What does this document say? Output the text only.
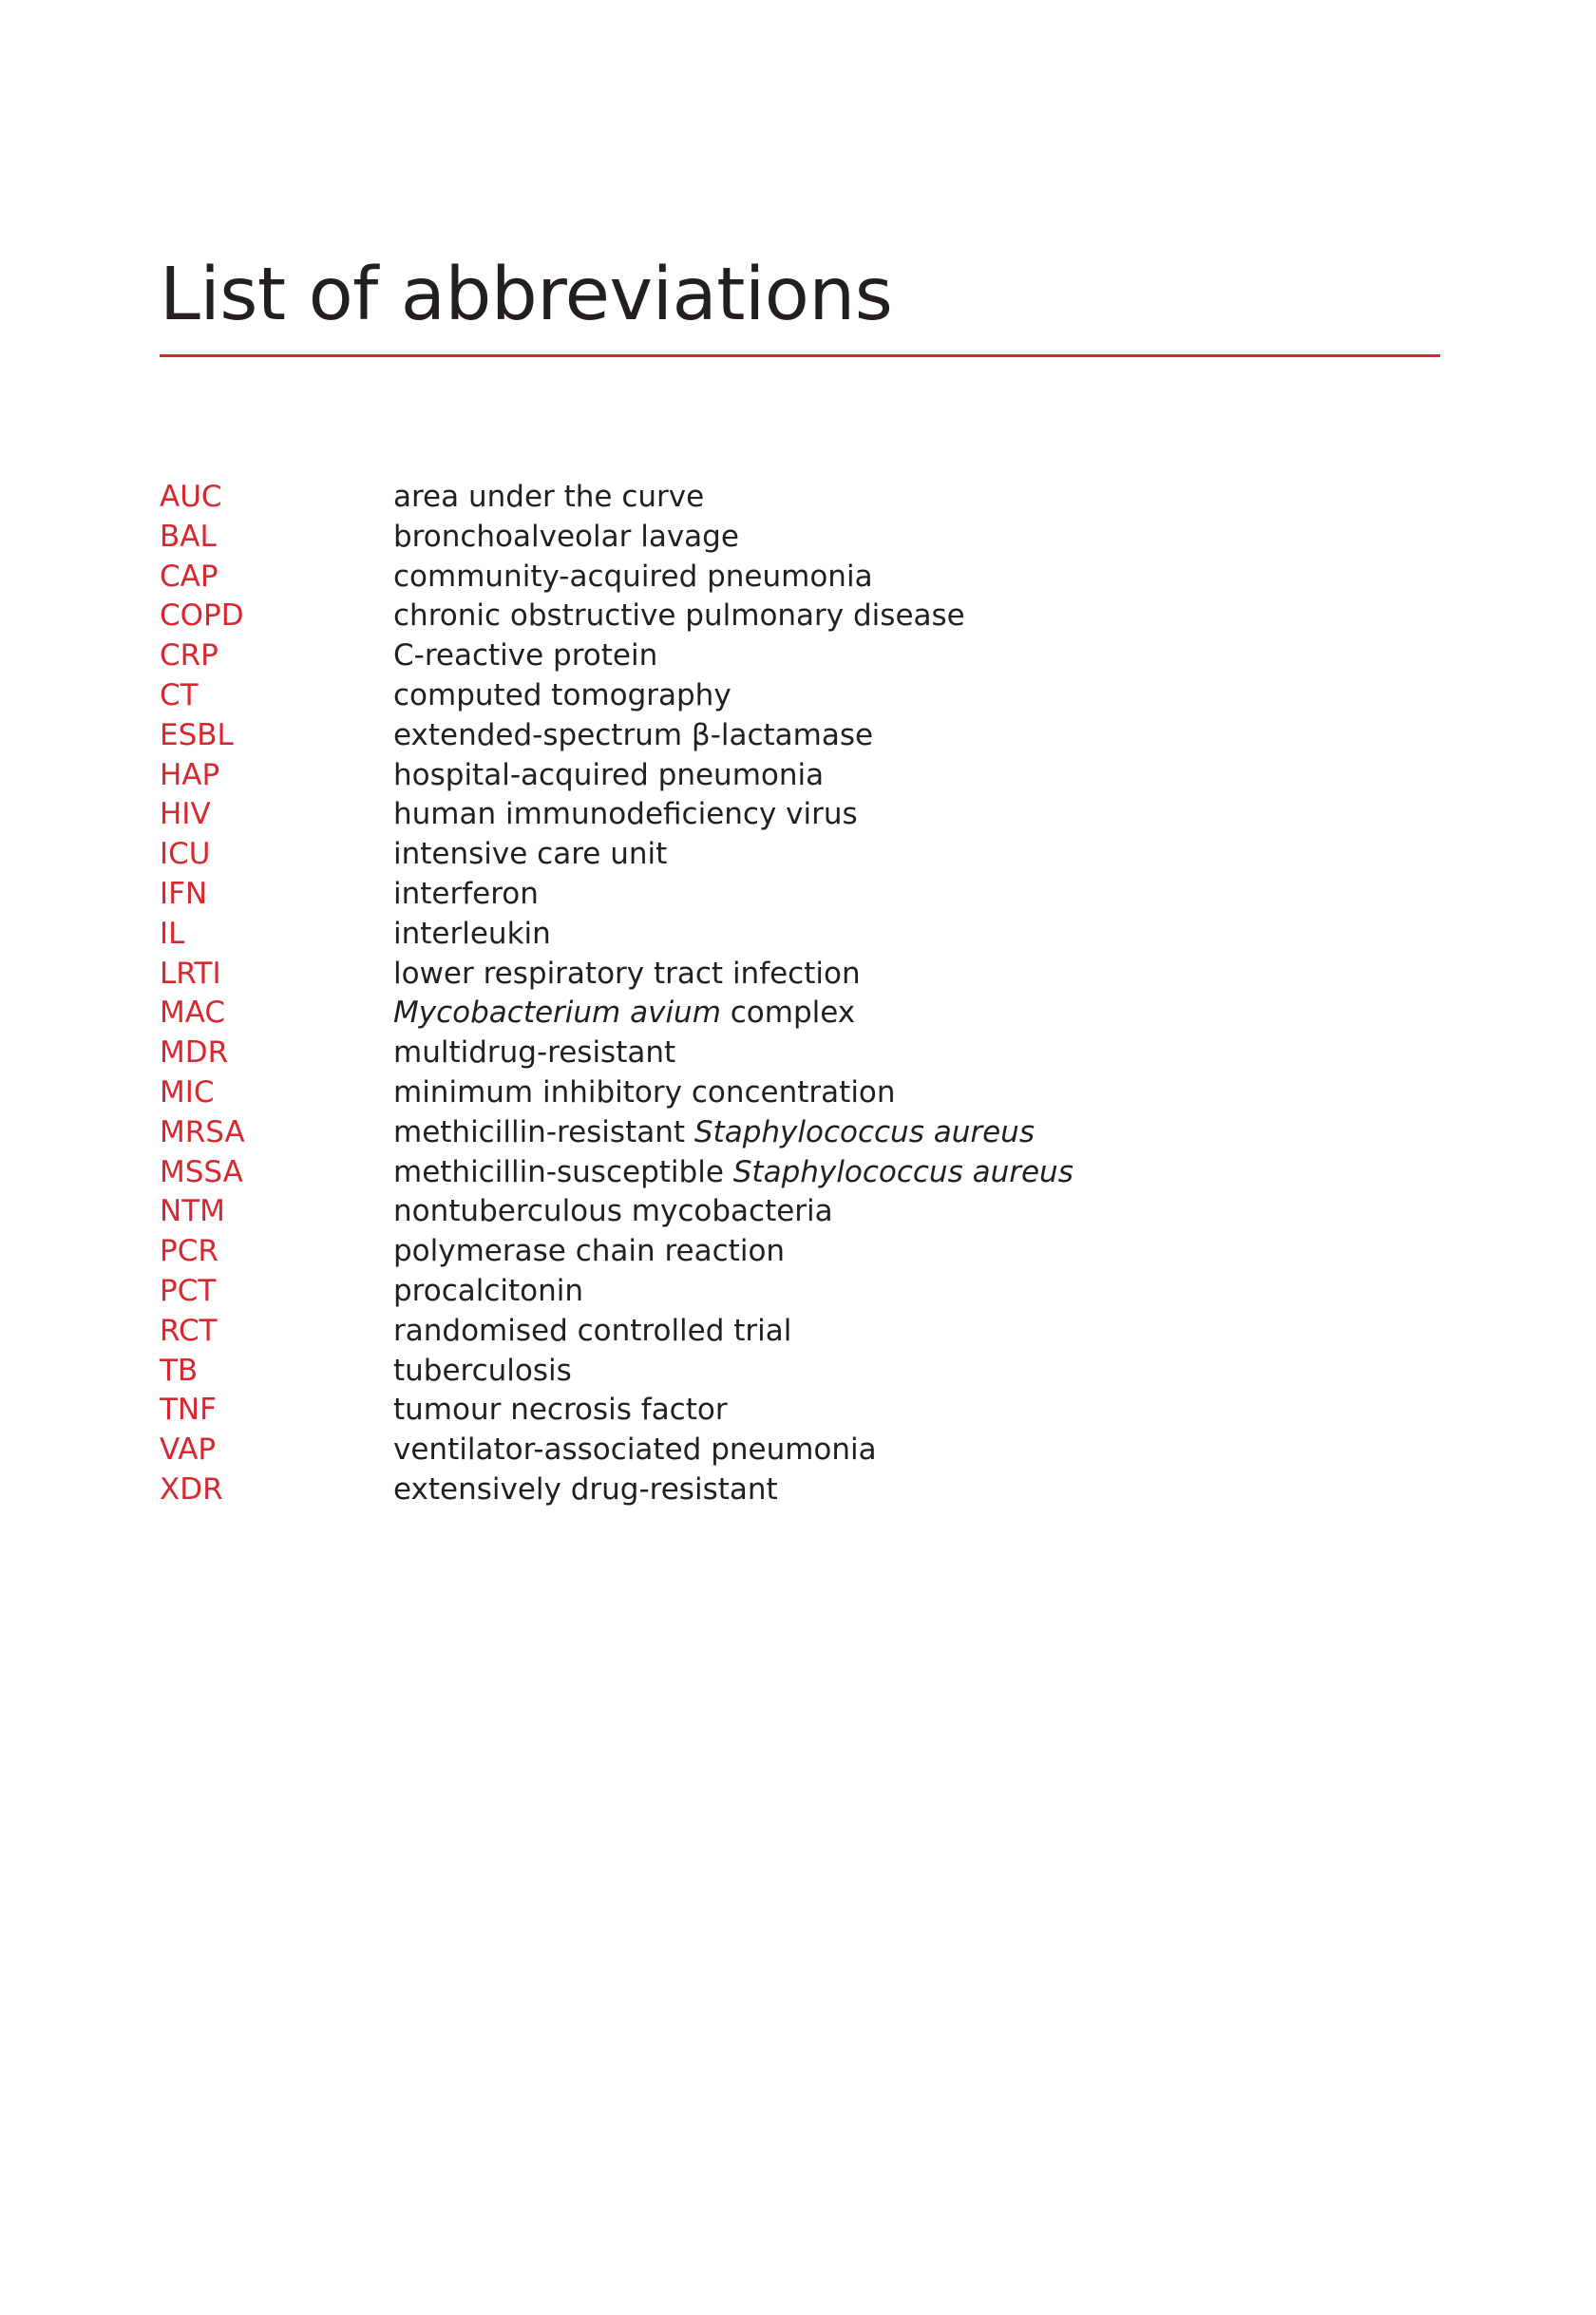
List of abbreviations
AUC	area under the curve
BAL	bronchoalveolar lavage
CAP	community-acquired pneumonia
COPD	chronic obstructive pulmonary disease
CRP	C-reactive protein
CT	computed tomography
ESBL	extended-spectrum β-lactamase
HAP	hospital-acquired pneumonia
HIV	human immunodeficiency virus
ICU	intensive care unit
IFN	interferon
IL	interleukin
LRTI	lower respiratory tract infection
MAC	Mycobacterium avium complex
MDR	multidrug-resistant
MIC	minimum inhibitory concentration
MRSA	methicillin-resistant Staphylococcus aureus
MSSA	methicillin-susceptible Staphylococcus aureus
NTM	nontuberculous mycobacteria
PCR	polymerase chain reaction
PCT	procalcitonin
RCT	randomised controlled trial
TB	tuberculosis
TNF	tumour necrosis factor
VAP	ventilator-associated pneumonia
XDR	extensively drug-resistant
